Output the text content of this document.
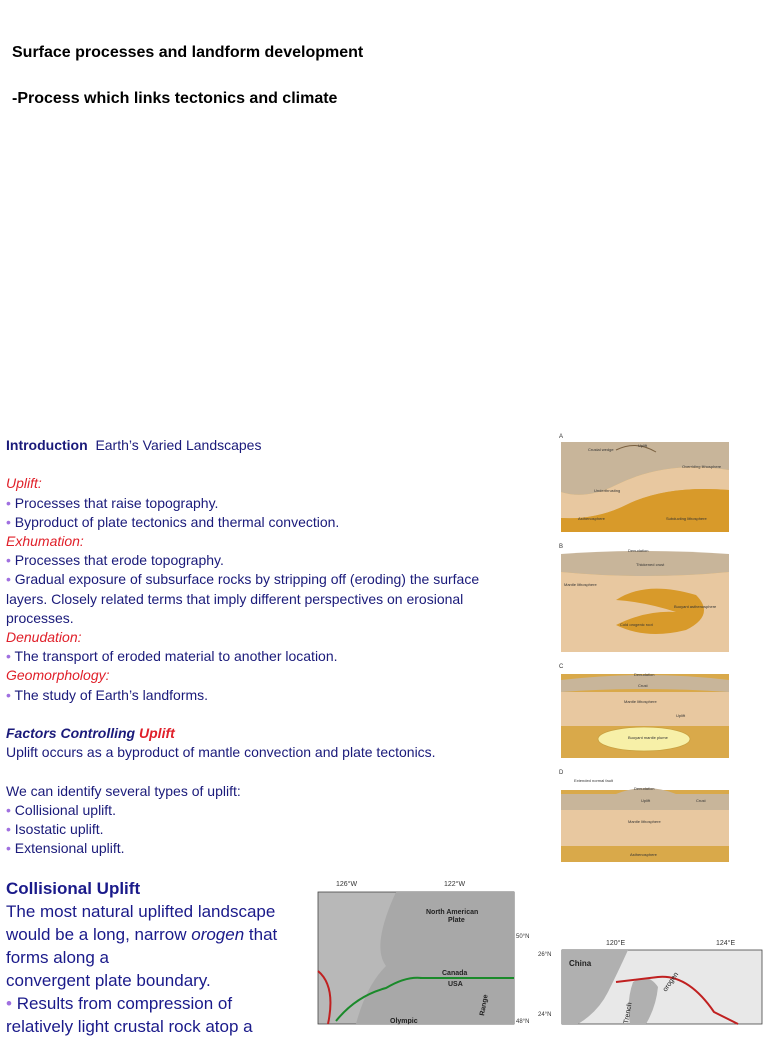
Surface processes and landform development
-Process which links tectonics and climate
Introduction Earth’s Varied Landscapes
Uplift:
• Processes that raise topography.
• Byproduct of plate tectonics and thermal convection.
Exhumation:
• Processes that erode topography.
• Gradual exposure of subsurface rocks by stripping off (eroding) the surface
layers. Closely related terms that imply different perspectives on erosional
processes.
Denudation:
• The transport of eroded material to another location.
Geomorphology:
• The study of Earth’s landforms.
Factors Controlling Uplift
Uplift occurs as a byproduct of mantle convection and plate tectonics.
We can identify several types of uplift:
• Collisional uplift.
• Isostatic uplift.
• Extensional uplift.
Collisional Uplift
The most natural uplifted landscape
would be a long, narrow orogen that
forms along a
convergent plate boundary.
• Results from compression of
relatively light crustal rock atop a
A
Crustal wedge
Uplift
Overriding lithosphere
Underthrusting
Asthenosphere	Subducting lithosphere
B
Denudation
Thickened crust
Mantle lithosphere
Buoyant asthenosphere
Cold orogenic root
C
Denudation
Crust
Mantle lithosphere
Uplift
Buoyant mantle plume
D
Extended normal fault
Denudation
Uplift	Crust
Mantle lithosphere
Asthenosphere
126°W	122°W
North American
Plate
50°N
Canada
USA
Range
Olympic	48°N
120°E	124°E
26°N
24°N
China
orogen
Trench
